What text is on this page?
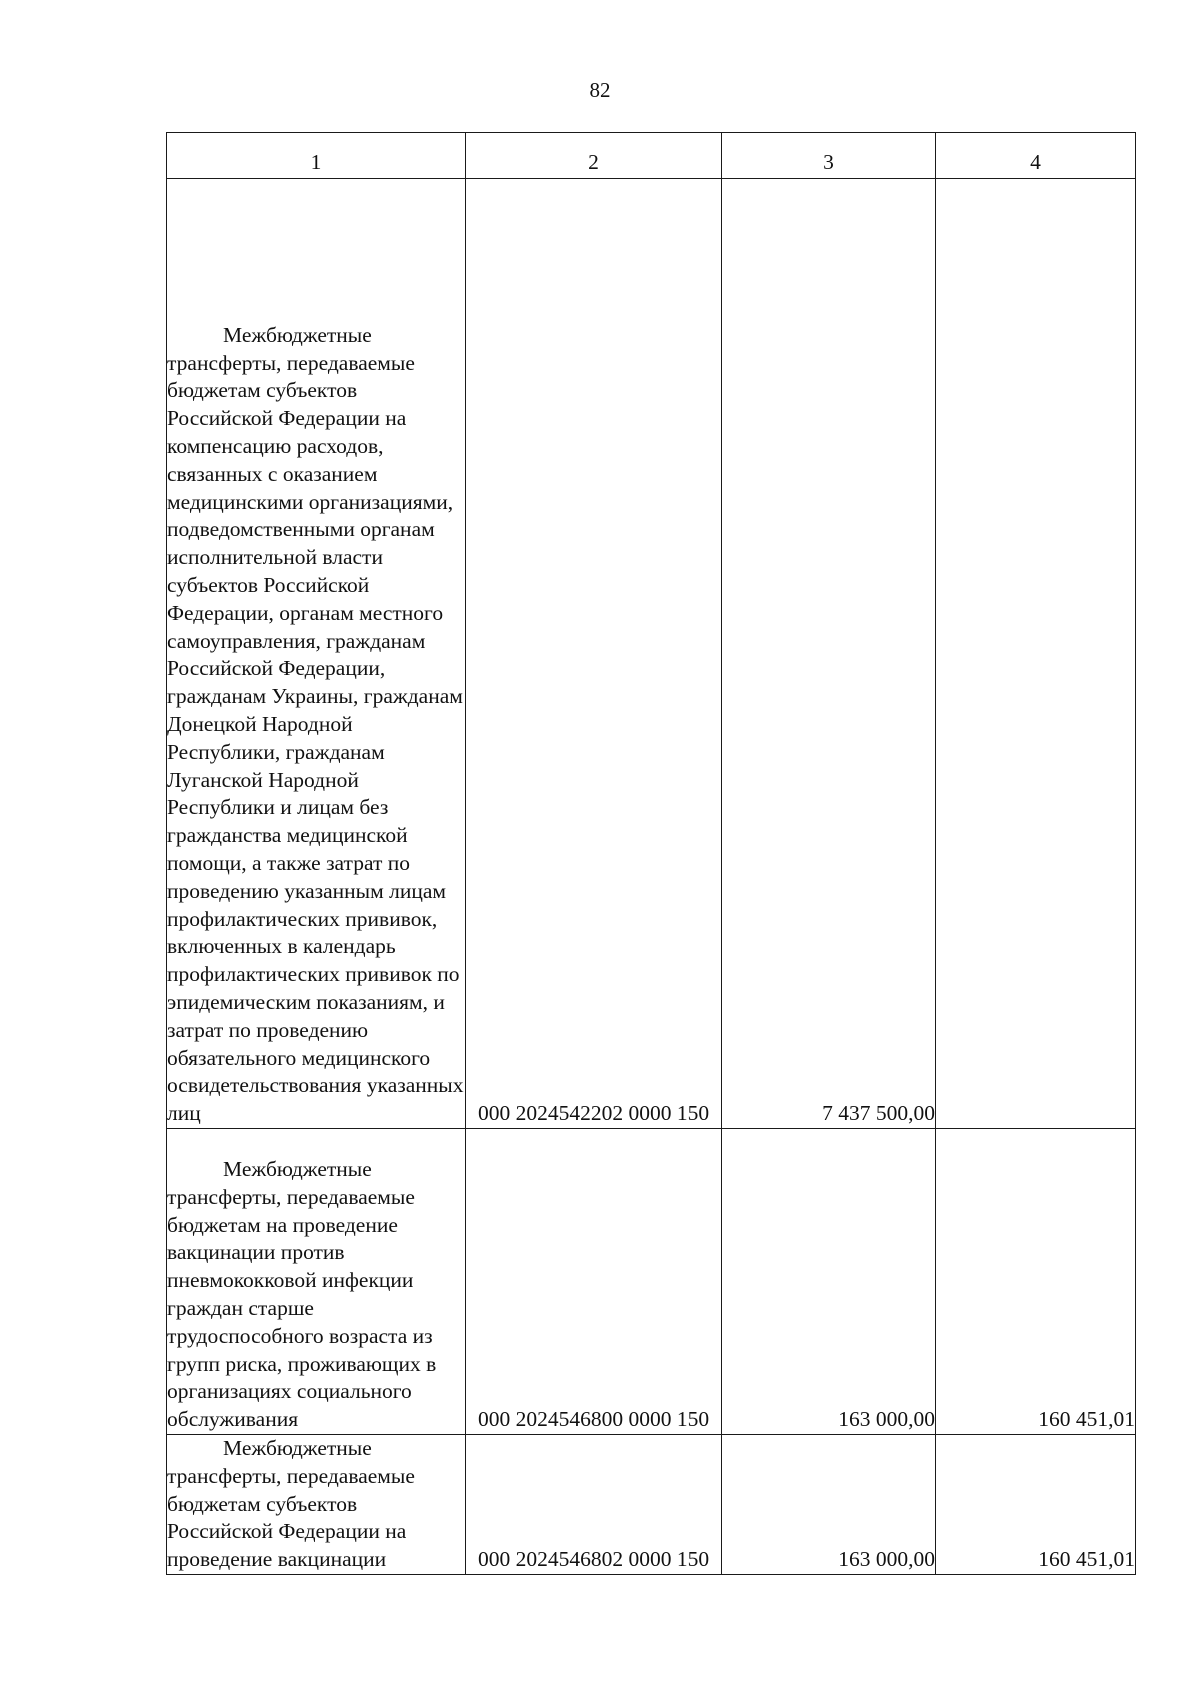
82
1	2	3	4

Межбюджетные трансферты, передаваемые бюджетам субъектов Российской Федерации на компенсацию расходов, связанных с оказанием медицинскими организациями, подведомственными органам исполнительной власти субъектов Российской Федерации, органам местного самоуправления, гражданам Российской Федерации, гражданам Украины, гражданам Донецкой Народной Республики, гражданам Луганской Народной Республики и лицам без гражданства медицинской помощи, а также затрат по проведению указанным лицам профилактических прививок, включенных в календарь профилактических прививок по эпидемическим показаниям, и затрат по проведению обязательного медицинского освидетельствования указанных лиц	000 2024542202 0000 150	7 437 500,00	

Межбюджетные трансферты, передаваемые бюджетам на проведение вакцинации против пневмококковой инфекции граждан старше трудоспособного возраста из групп риска, проживающих в организациях социального обслуживания	000 2024546800 0000 150	163 000,00	160 451,01

Межбюджетные трансферты, передаваемые бюджетам субъектов Российской Федерации на проведение вакцинации	000 2024546802 0000 150	163 000,00	160 451,01
